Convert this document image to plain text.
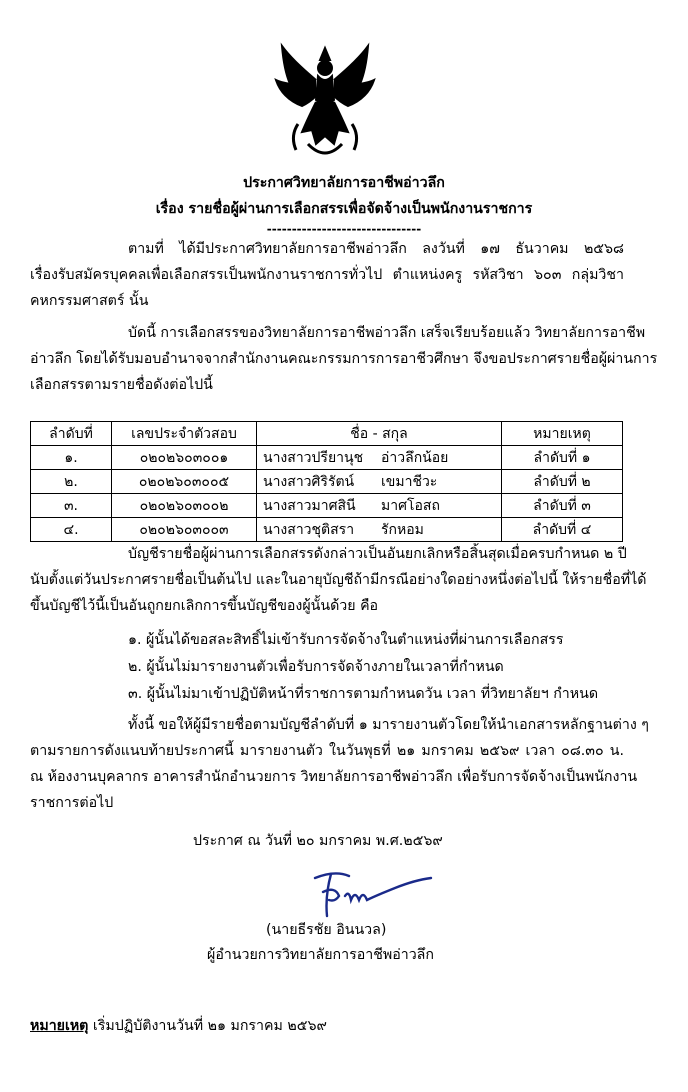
ประกาศวิทยาลัยการอาชีพอ่าวลึก
เรื่อง รายชื่อผู้ผ่านการเลือกสรรเพื่อจัดจ้างเป็นพนักงานราชการ
-------------------------------
ตามที่ ได้มีประกาศวิทยาลัยการอาชีพอ่าวลึก ลงวันที่ ๑๗ ธันวาคม ๒๕๖๘
เรื่องรับสมัครบุคคลเพื่อเลือกสรรเป็นพนักงานราชการทั่วไป ตำแหน่งครู รหัสวิชา ๖๐๓ กลุ่มวิชา
คหกรรมศาสตร์ นั้น
บัดนี้ การเลือกสรรของวิทยาลัยการอาชีพอ่าวลึก เสร็จเรียบร้อยแล้ว วิทยาลัยการอาชีพ
อ่าวลึก โดยได้รับมอบอำนาจจากสำนักงานคณะกรรมการการอาชีวศึกษา จึงขอประกาศรายชื่อผู้ผ่านการ
เลือกสรรตามรายชื่อดังต่อไปนี้
ลำดับที่	เลขประจำตัวสอบ	ชื่อ - สกุล	หมายเหตุ
๑.	๐๒๐๒๖๐๓๐๐๑	นางสาวปรียานุช อ่าวลึกน้อย	ลำดับที่ ๑
๒.	๐๒๐๒๖๐๓๐๐๕	นางสาวศิริรัตน์ เขมาชีวะ	ลำดับที่ ๒
๓.	๐๒๐๒๖๐๓๐๐๒	นางสาวมาศสินี มาศโอสถ	ลำดับที่ ๓
๔.	๐๒๐๒๖๐๓๐๐๓	นางสาวชุติสรา รักหอม	ลำดับที่ ๔
บัญชีรายชื่อผู้ผ่านการเลือกสรรดังกล่าวเป็นอันยกเลิกหรือสิ้นสุดเมื่อครบกำหนด ๒ ปี
นับตั้งแต่วันประกาศรายชื่อเป็นต้นไป และในอายุบัญชีถ้ามีกรณีอย่างใดอย่างหนึ่งต่อไปนี้ ให้รายชื่อที่ได้
ขึ้นบัญชีไว้นี้เป็นอันถูกยกเลิกการขึ้นบัญชีของผู้นั้นด้วย คือ
๑. ผู้นั้นได้ขอสละสิทธิ์ไม่เข้ารับการจัดจ้างในตำแหน่งที่ผ่านการเลือกสรร
๒. ผู้นั้นไม่มารายงานตัวเพื่อรับการจัดจ้างภายในเวลาที่กำหนด
๓. ผู้นั้นไม่มาเข้าปฏิบัติหน้าที่ราชการตามกำหนดวัน เวลา ที่วิทยาลัยฯ กำหนด
ทั้งนี้ ขอให้ผู้มีรายชื่อตามบัญชีลำดับที่ ๑ มารายงานตัวโดยให้นำเอกสารหลักฐานต่าง ๆ
ตามรายการดังแนบท้ายประกาศนี้ มารายงานตัว ในวันพุธที่ ๒๑ มกราคม ๒๕๖๙ เวลา ๐๘.๓๐ น.
ณ ห้องงานบุคลากร อาคารสำนักอำนวยการ วิทยาลัยการอาชีพอ่าวลึก เพื่อรับการจัดจ้างเป็นพนักงาน
ราชการต่อไป
ประกาศ ณ วันที่ ๒๐ มกราคม พ.ศ.๒๕๖๙
(นายธีรชัย อินนวล)
ผู้อำนวยการวิทยาลัยการอาชีพอ่าวลึก
หมายเหตุ เริ่มปฏิบัติงานวันที่ ๒๑ มกราคม ๒๕๖๙
